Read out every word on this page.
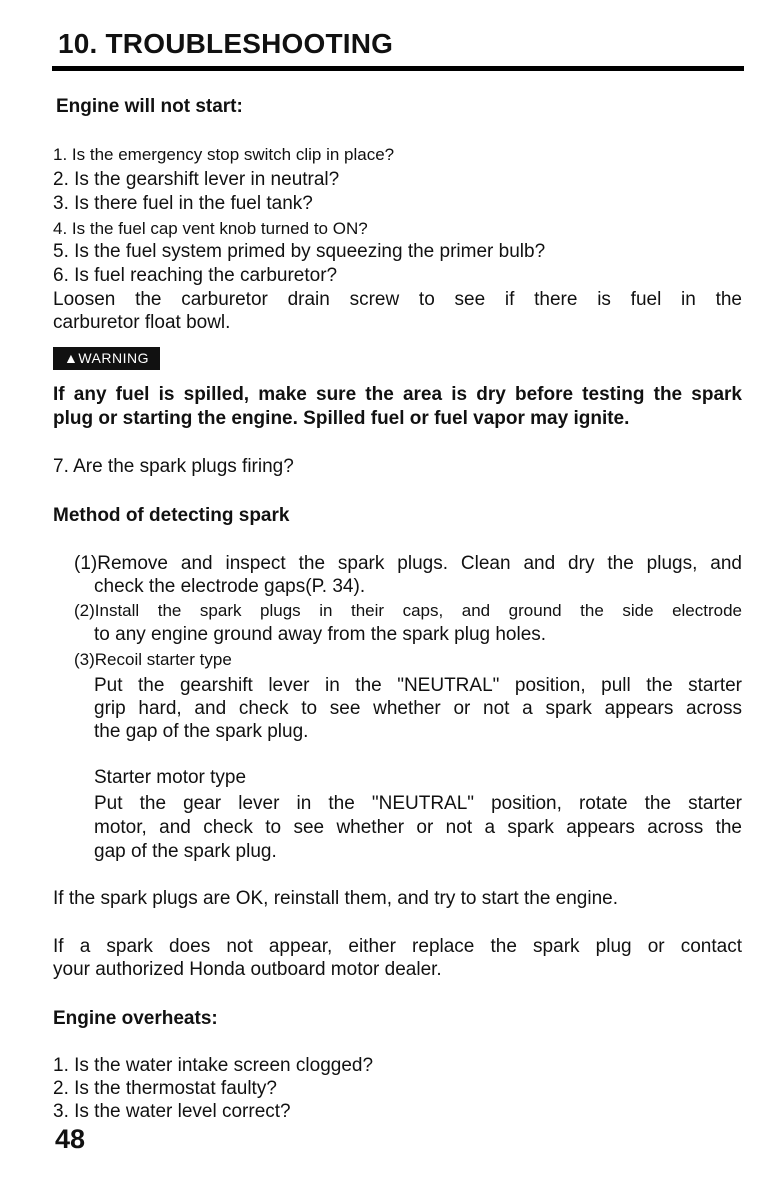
10. TROUBLESHOOTING
Engine will not start:
1. Is the emergency stop switch clip in place?
2. Is the gearshift lever in neutral?
3. Is there fuel in the fuel tank?
4. Is the fuel cap vent knob turned to ON?
5. Is the fuel system primed by squeezing the primer bulb?
6. Is fuel reaching the carburetor?
Loosen the carburetor drain screw to see if there is fuel in the
carburetor float bowl.
▲WARNING
If any fuel is spilled, make sure the area is dry before testing the spark
plug or starting the engine. Spilled fuel or fuel vapor may ignite.
7. Are the spark plugs firing?
Method of detecting spark
(1)Remove and inspect the spark plugs. Clean and dry the plugs, and
check the electrode gaps(P. 34).
(2)Install the spark plugs in their caps, and ground the side electrode
to any engine ground away from the spark plug holes.
(3)Recoil starter type
Put the gearshift lever in the "NEUTRAL" position, pull the starter
grip hard, and check to see whether or not a spark appears across
the gap of the spark plug.
Starter motor type
Put the gear lever in the "NEUTRAL" position, rotate the starter
motor, and check to see whether or not a spark appears across the
gap of the spark plug.
If the spark plugs are OK, reinstall them, and try to start the engine.
If a spark does not appear, either replace the spark plug or contact
your authorized Honda outboard motor dealer.
Engine overheats:
1. Is the water intake screen clogged?
2. Is the thermostat faulty?
3. Is the water level correct?
48
